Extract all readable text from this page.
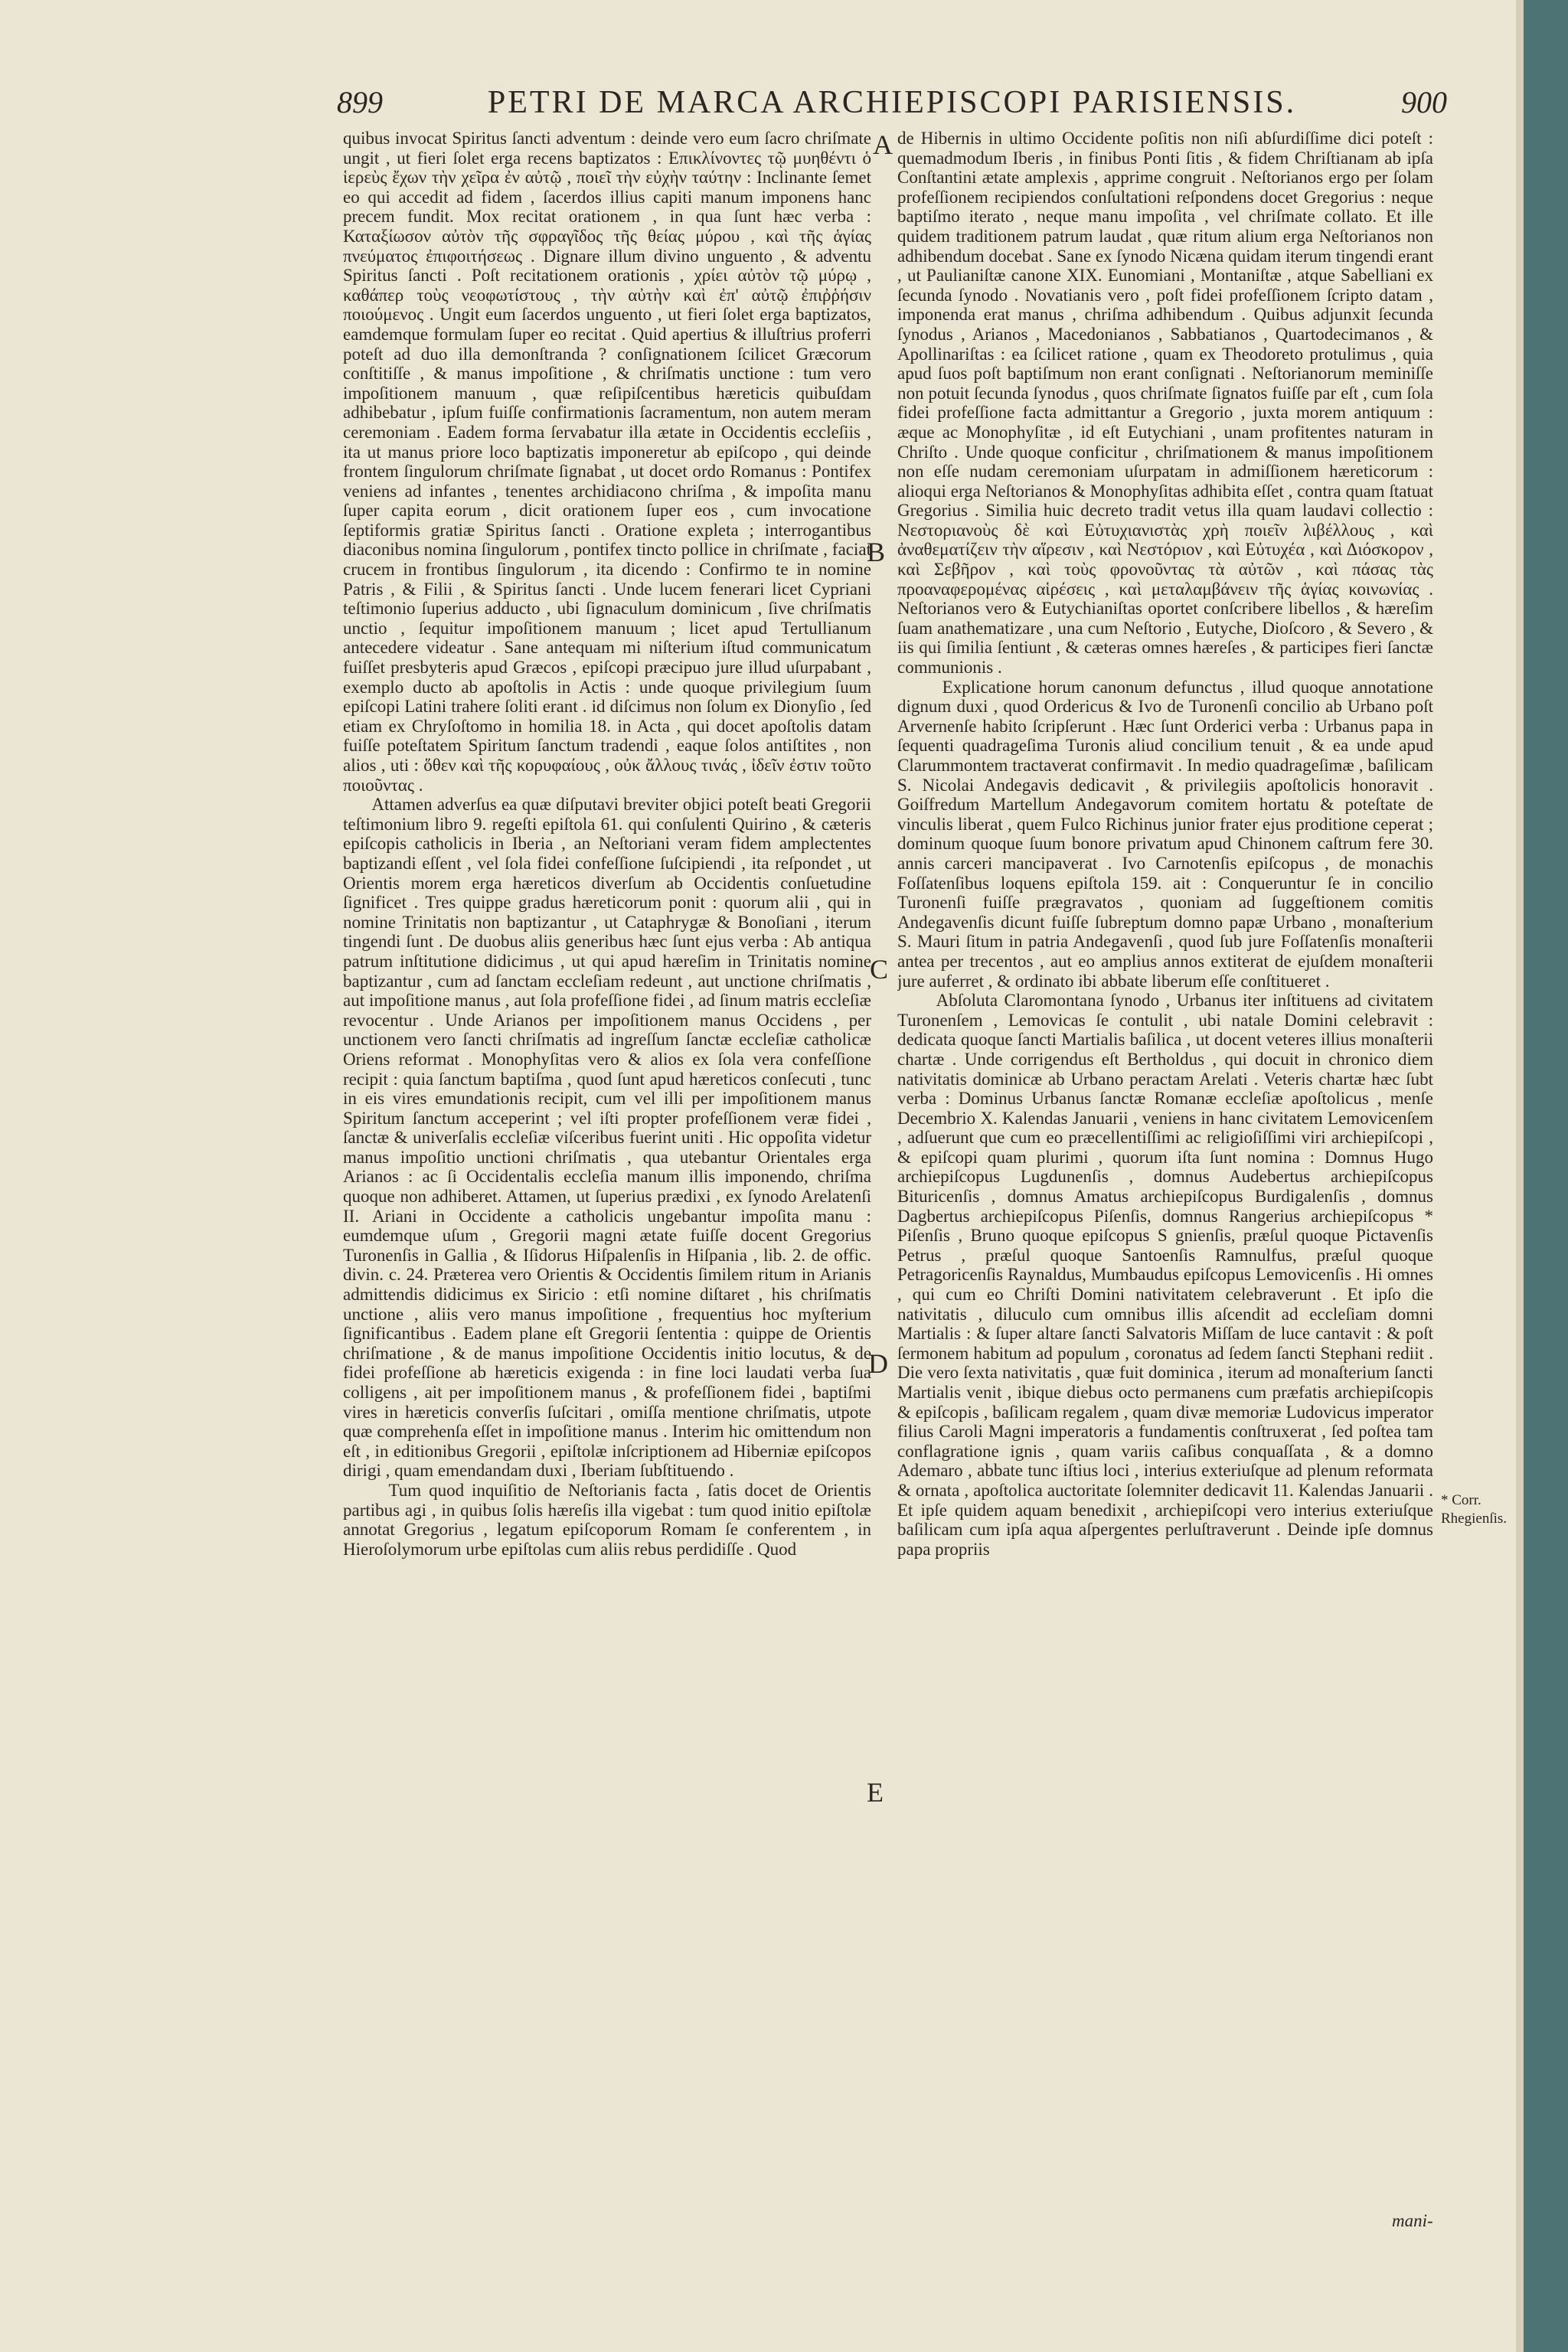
899	PETRI DE MARCA ARCHIEPISCOPI PARISIENSIS.	900
quibus invocat Spiritus ſancti adventum : deinde vero eum ſacro chriſmate ungit , ut fieri ſolet erga recens baptizatos : Επικλίνοντες τῷ μυηθέντι ὁ ἱερεὺς ἔχων τὴν χεῖρα ἐν αὐτῷ , ποιεῖ τὴν εὐχὴν ταύτην : Inclinante ſemet eo qui accedit ad fidem , ſacerdos illius capiti manum imponens hanc precem fundit. Mox recitat orationem , in qua ſunt hæc verba : Καταξίωσον αὐτὸν τῆς σφραγῖδος τῆς θείας μύρου , καὶ τῆς ἁγίας πνεύματος ἐπιφοιτήσεως . Dignare illum divino unguento , & adventu Spiritus ſancti . Poſt recitationem orationis , χρίει αὐτὸν τῷ μύρῳ , καθάπερ τοὺς νεοφωτίστους , τὴν αὐτὴν καὶ ἐπ' αὐτῷ ἐπιῤῥήσιν ποιούμενος . Ungit eum ſacerdos unguento , ut fieri ſolet erga baptizatos, eamdemque formulam ſuper eo recitat . Quid apertius & illuſtrius proferri poteſt ad duo illa demonſtranda ? conſignationem ſcilicet Græcorum conſtitiſſe , & manus impoſitione , & chriſmatis unctione : tum vero impoſitionem manuum , quæ reſipiſcentibus hæreticis quibuſdam adhibebatur , ipſum fuiſſe confirmationis ſacramentum, non autem meram ceremoniam . Eadem forma ſervabatur illa ætate in Occidentis eccleſiis , ita ut manus priore loco baptizatis imponeretur ab epiſcopo , qui deinde frontem ſingulorum chriſmate ſignabat , ut docet ordo Romanus : Pontifex veniens ad infantes , tenentes archidiacono chriſma , & impoſita manu ſuper capita eorum , dicit orationem ſuper eos , cum invocatione ſeptiformis gratiæ Spiritus ſancti . Oratione expleta ; interrogantibus diaconibus nomina ſingulorum , pontifex tincto pollice in chriſmate , faciat crucem in frontibus ſingulorum , ita dicendo : Confirmo te in nomine Patris , & Filii , & Spiritus ſancti . Unde lucem fenerari licet Cypriani teſtimonio ſuperius adducto , ubi ſignaculum dominicum , ſive chriſmatis unctio , ſequitur impoſitionem manuum ; licet apud Tertullianum antecedere videatur . Sane antequam mi niſterium iſtud communicatum fuiſſet presbyteris apud Græcos , epiſcopi præcipuo jure illud uſurpabant , exemplo ducto ab apoſtolis in Actis : unde quoque privilegium ſuum epiſcopi Latini trahere ſoliti erant . id diſcimus non ſolum ex Dionyſio , ſed etiam ex Chryſoſtomo in homilia 18. in Acta , qui docet apoſtolis datam fuiſſe poteſtatem Spiritum ſanctum tradendi , eaque ſolos antiſtites , non alios , uti : ὅθεν καὶ τῆς κορυφαίους , οὐκ ἄλλους τινάς , ἰδεῖν ἐστιν τοῦτο ποιοῦντας .
Attamen adverſus ea quæ diſputavi breviter objici poteſt beati Gregorii teſtimonium libro 9. regeſti epiſtola 61. qui conſulenti Quirino , & cæteris epiſcopis catholicis in Iberia , an Neſtoriani veram fidem amplectentes baptizandi eſſent , vel ſola fidei confeſſione ſuſcipiendi , ita reſpondet , ut Orientis morem erga hæreticos diverſum ab Occidentis conſuetudine ſignificet . Tres quippe gradus hæreticorum ponit : quorum alii , qui in nomine Trinitatis non baptizantur , ut Cataphrygæ & Bonoſiani , iterum tingendi ſunt . De duobus aliis generibus hæc ſunt ejus verba : Ab antiqua patrum inſtitutione didicimus , ut qui apud hæreſim in Trinitatis nomine baptizantur , cum ad ſanctam eccleſiam redeunt , aut unctione chriſmatis , aut impoſitione manus , aut ſola profeſſione fidei , ad ſinum matris eccleſiæ revocentur . Unde Arianos per impoſitionem manus Occidens , per unctionem vero ſancti chriſmatis ad ingreſſum ſanctæ eccleſiæ catholicæ Oriens reformat . Monophyſitas vero & alios ex ſola vera confeſſione recipit : quia ſanctum baptiſma , quod ſunt apud hæreticos conſecuti , tunc in eis vires emundationis recipit, cum vel illi per impoſitionem manus Spiritum ſanctum acceperint ; vel iſti propter profeſſionem veræ fidei , ſanctæ & univerſalis eccleſiæ viſceribus fuerint uniti . Hic oppoſita videtur manus impoſitio unctioni chriſmatis , qua utebantur Orientales erga Arianos : ac ſi Occidentalis eccleſia manum illis imponendo, chriſma quoque non adhiberet. Attamen, ut ſuperius prædixi , ex ſynodo Arelatenſi II. Ariani in Occidente a catholicis ungebantur impoſita manu : eumdemque uſum , Gregorii magni ætate fuiſſe docent Gregorius Turonenſis in Gallia , & Iſidorus Hiſpalenſis in Hiſpania , lib. 2. de offic. divin. c. 24. Præterea vero Orientis & Occidentis ſimilem ritum in Arianis admittendis didicimus ex Siricio : etſi nomine diſtaret , his chriſmatis unctione , aliis vero manus impoſitione , frequentius hoc myſterium ſignificantibus . Eadem plane eſt Gregorii ſententia : quippe de Orientis chriſmatione , & de manus impoſitione Occidentis initio locutus, & de fidei profeſſione ab hæreticis exigenda : in fine loci laudati verba ſua colligens , ait per impoſitionem manus , & profeſſionem fidei , baptiſmi vires in hæreticis converſis ſuſcitari , omiſſa mentione chriſmatis, utpote quæ comprehenſa eſſet in impoſitione manus . Interim hic omittendum non eſt , in editionibus Gregorii , epiſtolæ inſcriptionem ad Hiberniæ epiſcopos dirigi , quam emendandam duxi , Iberiam ſubſtituendo .
Tum quod inquiſitio de Neſtorianis facta , ſatis docet de Orientis partibus agi , in quibus ſolis hæreſis illa vigebat : tum quod initio epiſtolæ annotat Gregorius , legatum epiſcoporum Romam ſe conferentem , in Hieroſolymorum urbe epiſtolas cum aliis rebus perdidiſſe . Quod
de Hibernis in ultimo Occidente poſitis non niſi abſurdiſſime dici poteſt : quemadmodum Iberis , in finibus Ponti ſitis , & fidem Chriſtianam ab ipſa Conſtantini ætate amplexis , apprime congruit . Neſtorianos ergo per ſolam profeſſionem recipiendos conſultationi reſpondens docet Gregorius : neque baptiſmo iterato , neque manu impoſita , vel chriſmate collato. Et ille quidem traditionem patrum laudat , quæ ritum alium erga Neſtorianos non adhibendum docebat . Sane ex ſynodo Nicæna quidam iterum tingendi erant , ut Paulianiſtæ canone XIX. Eunomiani , Montaniſtæ , atque Sabelliani ex ſecunda ſynodo . Novatianis vero , poſt fidei profeſſionem ſcripto datam , imponenda erat manus , chriſma adhibendum . Quibus adjunxit ſecunda ſynodus , Arianos , Macedonianos , Sabbatianos , Quartodecimanos , & Apollinariſtas : ea ſcilicet ratione , quam ex Theodoreto protulimus , quia apud ſuos poſt baptiſmum non erant conſignati . Neſtorianorum meminiſſe non potuit ſecunda ſynodus , quos chriſmate ſignatos fuiſſe par eſt , cum ſola fidei profeſſione facta admittantur a Gregorio , juxta morem antiquum : æque ac Monophyſitæ , id eſt Eutychiani , unam profitentes naturam in Chriſto . Unde quoque conficitur , chriſmationem & manus impoſitionem non eſſe nudam ceremoniam uſurpatam in admiſſionem hæreticorum : alioqui erga Neſtorianos & Monophyſitas adhibita eſſet , contra quam ſtatuat Gregorius . Similia huic decreto tradit vetus illa quam laudavi collectio : Νεστοριανοὺς δὲ καὶ Εὐτυχιανιστὰς χρὴ ποιεῖν λιβέλλους , καὶ ἀναθεματίζειν τὴν αἵρεσιν , καὶ Νεστόριον , καὶ Εὐτυχέα , καὶ Διόσκορον , καὶ Σεβῆρον , καὶ τοὺς φρονοῦντας τὰ αὐτῶν , καὶ πάσας τὰς προαναφερομένας αἱρέσεις , καὶ μεταλαμβάνειν τῆς ἁγίας κοινωνίας . Neſtorianos vero & Eutychianiſtas oportet conſcribere libellos , & hæreſim ſuam anathematizare , una cum Neſtorio , Eutyche, Dioſcoro , & Severo , & iis qui ſimilia ſentiunt , & cæteras omnes hæreſes , & participes fieri ſanctæ communionis .
Explicatione horum canonum defunctus , illud quoque annotatione dignum duxi , quod Ordericus & Ivo de Turonenſi concilio ab Urbano poſt Arvernenſe habito ſcripſerunt . Hæc ſunt Orderici verba : Urbanus papa in ſequenti quadrageſima Turonis aliud concilium tenuit , & ea unde apud Clarummontem tractaverat confirmavit . In medio quadrageſimæ , baſilicam S. Nicolai Andegavis dedicavit , & privilegiis apoſtolicis honoravit . Goiſfredum Martellum Andegavorum comitem hortatu & poteſtate de vinculis liberat , quem Fulco Richinus junior frater ejus proditione ceperat ; dominum quoque ſuum bonore privatum apud Chinonem caſtrum fere 30. annis carceri mancipaverat . Ivo Carnotenſis epiſcopus , de monachis Foſſatenſibus loquens epiſtola 159. ait : Conqueruntur ſe in concilio Turonenſi fuiſſe prægravatos , quoniam ad ſuggeſtionem comitis Andegavenſis dicunt fuiſſe ſubreptum domno papæ Urbano , monaſterium S. Mauri ſitum in patria Andegavenſi , quod ſub jure Foſſatenſis monaſterii antea per trecentos , aut eo amplius annos extiterat de ejuſdem monaſterii jure auferret , & ordinato ibi abbate liberum eſſe conſtitueret .
Abſoluta Claromontana ſynodo , Urbanus iter inſtituens ad civitatem Turonenſem , Lemovicas ſe contulit , ubi natale Domini celebravit : dedicata quoque ſancti Martialis baſilica , ut docent veteres illius monaſterii chartæ . Unde corrigendus eſt Bertholdus , qui docuit in chronico diem nativitatis dominicæ ab Urbano peractam Arelati . Veteris chartæ hæc ſubt verba : Dominus Urbanus ſanctæ Romanæ eccleſiæ apoſtolicus , menſe Decembrio X. Kalendas Januarii , veniens in hanc civitatem Lemovicenſem , adſuerunt que cum eo præcellentiſſimi ac religioſiſſimi viri archiepiſcopi , & epiſcopi quam plurimi , quorum iſta ſunt nomina : Domnus Hugo archiepiſcopus Lugdunenſis , domnus Audebertus archiepiſcopus Bituricenſis , domnus Amatus archiepiſcopus Burdigalenſis , domnus Dagbertus archiepiſcopus Piſenſis, domnus Rangerius archiepiſcopus * Piſenſis , Bruno quoque epiſcopus S gnienſis, præſul quoque Pictavenſis Petrus , præſul quoque Santoenſis Ramnulfus, præſul quoque Petragoricenſis Raynaldus, Mumbaudus epiſcopus Lemovicenſis . Hi omnes , qui cum eo Chriſti Domini nativitatem celebraverunt . Et ipſo die nativitatis , diluculo cum omnibus illis aſcendit ad eccleſiam domni Martialis : & ſuper altare ſancti Salvatoris Miſſam de luce cantavit : & poſt ſermonem habitum ad populum , coronatus ad ſedem ſancti Stephani rediit . Die vero ſexta nativitatis , quæ fuit dominica , iterum ad monaſterium ſancti Martialis venit , ibique diebus octo permanens cum præfatis archiepiſcopis & epiſcopis , baſilicam regalem , quam divæ memoriæ Ludovicus imperator filius Caroli Magni imperatoris a fundamentis conſtruxerat , ſed poſtea tam conflagratione ignis , quam variis caſibus conquaſſata , & a domno Ademaro , abbate tunc iſtius loci , interius exteriuſque ad plenum reformata & ornata , apoſtolica auctoritate ſolemniter dedicavit 11. Kalendas Januarii . Et ipſe quidem aquam benedixit , archiepiſcopi vero interius exteriuſque baſilicam cum ipſa aqua aſpergentes perluſtraverunt . Deinde ipſe domnus papa propriis
A
B
C
D
E
* Corr. Rhegienſis.
mani-
